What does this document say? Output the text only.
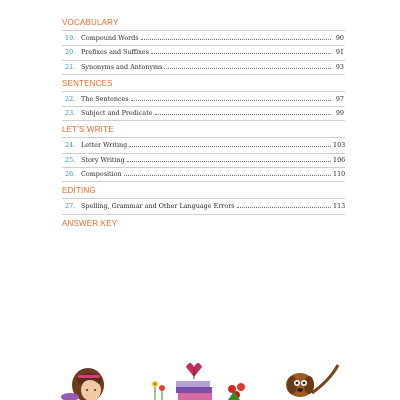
VOCABULARY
19. Compound Words	90
20. Prefixes and Suffixes	91
21. Synonyms and Antonyms	93
SENTENCES
22. The Sentences	97
23. Subject and Predicate	99
LET'S WRITE
24. Letter Writing	103
25. Story Writing	106
26. Composition	110
EDITING
27. Spelling, Grammar and Other Language Errors	113
ANSWER KEY
